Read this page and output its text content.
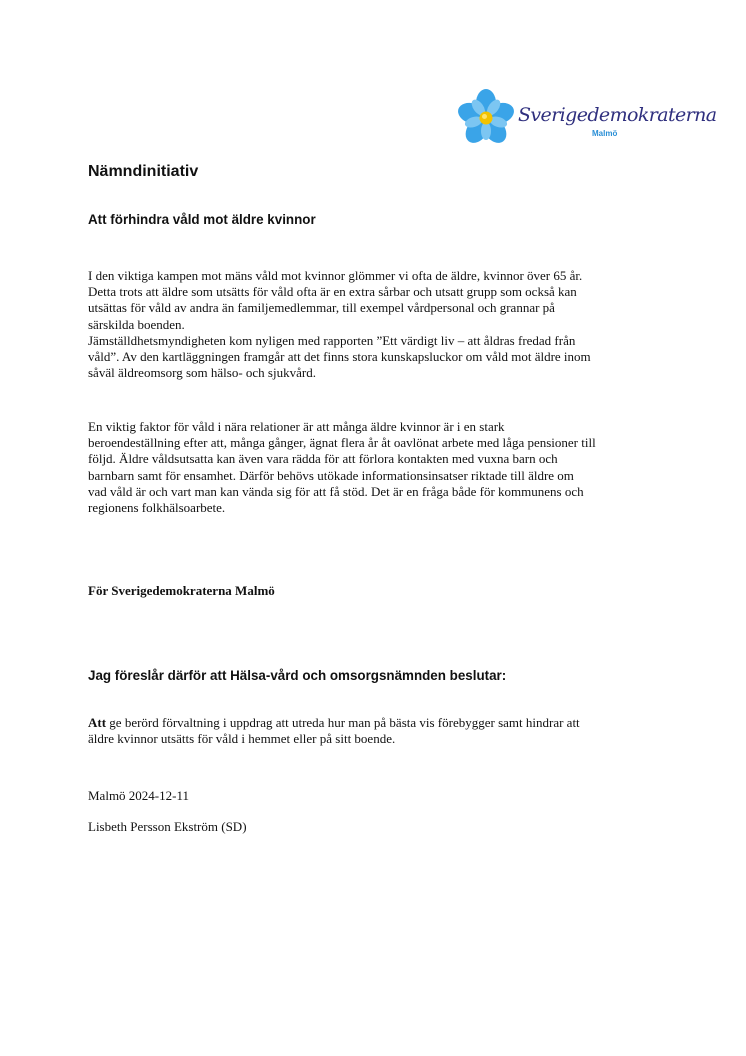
Sverigedemokraterna
Malmö
Nämndinitiativ
Att förhindra våld mot äldre kvinnor
I den viktiga kampen mot mäns våld mot kvinnor glömmer vi ofta de äldre, kvinnor över 65 år.
Detta trots att äldre som utsätts för våld ofta är en extra sårbar och utsatt grupp som också kan
utsättas för våld av andra än familjemedlemmar, till exempel vårdpersonal och grannar på
särskilda boenden.
Jämställdhetsmyndigheten kom nyligen med rapporten ”Ett värdigt liv – att åldras fredad från
våld”. Av den kartläggningen framgår att det finns stora kunskapsluckor om våld mot äldre inom
såväl äldreomsorg som hälso- och sjukvård.
En viktig faktor för våld i nära relationer är att många äldre kvinnor är i en stark
beroendeställning efter att, många gånger, ägnat flera år åt oavlönat arbete med låga pensioner till
följd. Äldre våldsutsatta kan även vara rädda för att förlora kontakten med vuxna barn och
barnbarn samt för ensamhet. Därför behövs utökade informationsinsatser riktade till äldre om
vad våld är och vart man kan vända sig för att få stöd. Det är en fråga både för kommunens och
regionens folkhälsoarbete.
För Sverigedemokraterna Malmö
Jag föreslår därför att Hälsa-vård och omsorgsnämnden beslutar:
Att ge berörd förvaltning i uppdrag att utreda hur man på bästa vis förebygger samt hindrar att
äldre kvinnor utsätts för våld i hemmet eller på sitt boende.
Malmö 2024-12-11
Lisbeth Persson Ekström (SD)
